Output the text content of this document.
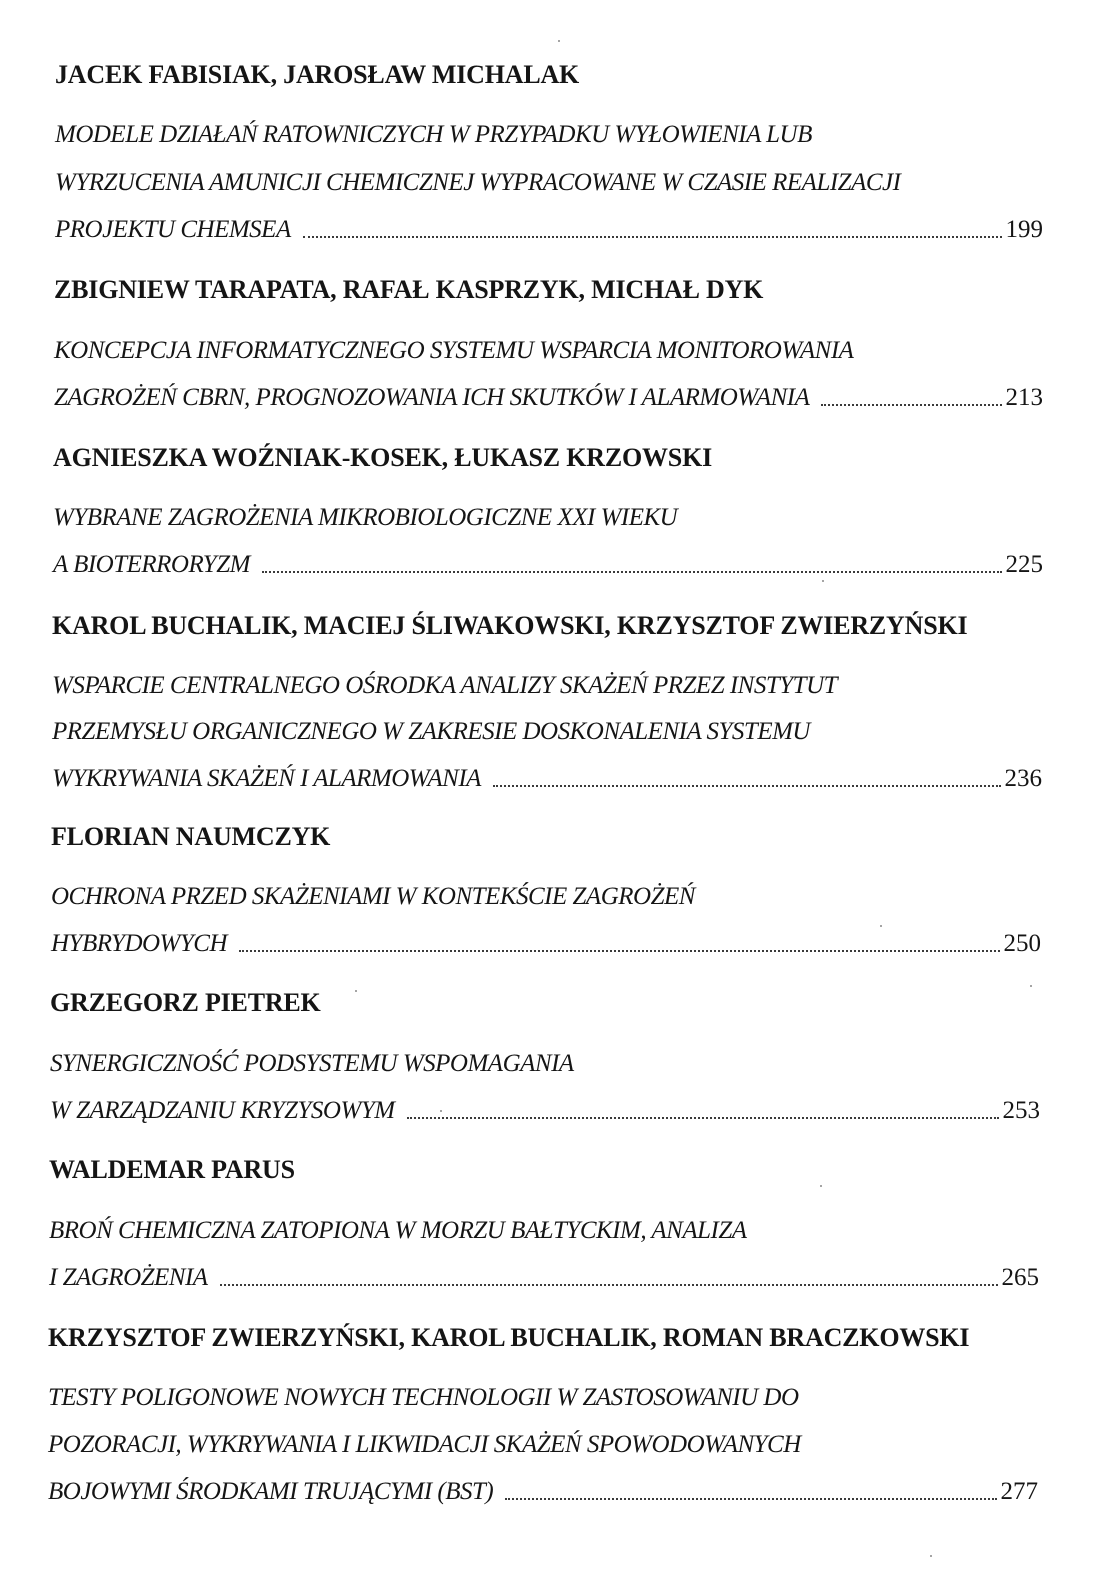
JACEK FABISIAK, JAROSŁAW MICHALAK
MODELE DZIAŁAŃ RATOWNICZYCH W PRZYPADKU WYŁOWIENIA LUB
WYRZUCENIA AMUNICJI CHEMICZNEJ WYPRACOWANE W CZASIE REALIZACJI
PROJEKTU CHEMSEA	199
ZBIGNIEW TARAPATA, RAFAŁ KASPRZYK, MICHAŁ DYK
KONCEPCJA INFORMATYCZNEGO SYSTEMU WSPARCIA MONITOROWANIA
ZAGROŻEŃ CBRN, PROGNOZOWANIA ICH SKUTKÓW I ALARMOWANIA	213
AGNIESZKA WOŹNIAK-KOSEK, ŁUKASZ KRZOWSKI
WYBRANE ZAGROŻENIA MIKROBIOLOGICZNE XXI WIEKU
A BIOTERRORYZM	225
KAROL BUCHALIK, MACIEJ ŚLIWAKOWSKI, KRZYSZTOF ZWIERZYŃSKI
WSPARCIE CENTRALNEGO OŚRODKA ANALIZY SKAŻEŃ PRZEZ INSTYTUT
PRZEMYSŁU ORGANICZNEGO W ZAKRESIE DOSKONALENIA SYSTEMU
WYKRYWANIA SKAŻEŃ I ALARMOWANIA	236
FLORIAN NAUMCZYK
OCHRONA PRZED SKAŻENIAMI W KONTEKŚCIE ZAGROŻEŃ
HYBRYDOWYCH	250
GRZEGORZ PIETREK
SYNERGICZNOŚĆ PODSYSTEMU WSPOMAGANIA
W ZARZĄDZANIU KRYZYSOWYM	253
WALDEMAR PARUS
BROŃ CHEMICZNA ZATOPIONA W MORZU BAŁTYCKIM, ANALIZA
I ZAGROŻENIA	265
KRZYSZTOF ZWIERZYŃSKI, KAROL BUCHALIK, ROMAN BRACZKOWSKI
TESTY POLIGONOWE NOWYCH TECHNOLOGII W ZASTOSOWANIU DO
POZORACJI, WYKRYWANIA I LIKWIDACJI SKAŻEŃ SPOWODOWANYCH
BOJOWYMI ŚRODKAMI TRUJĄCYMI (BST)	277
